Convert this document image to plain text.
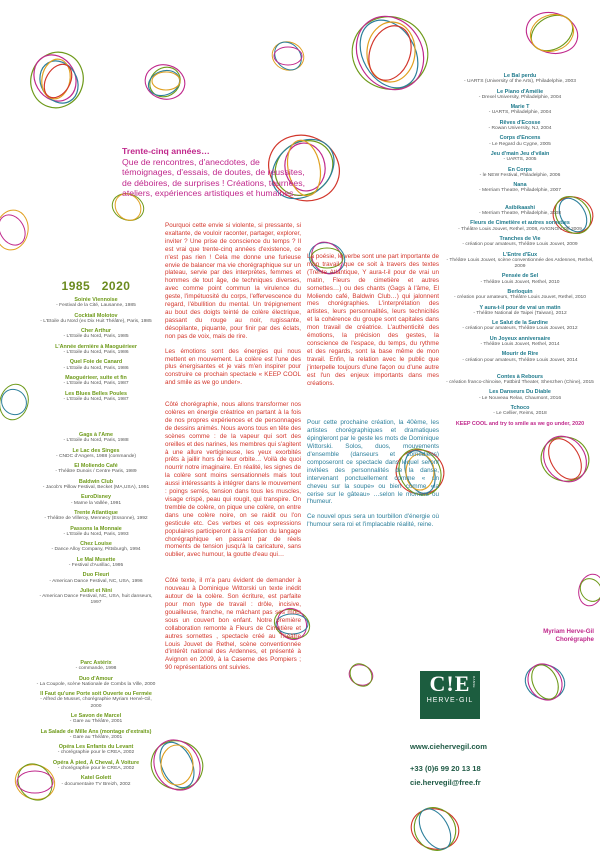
Trente-cinq années…
Que de rencontres, d'anecdotes, de témoignages, d'essais, de doutes, de réussites, de déboires, de surprises ! Créations, tournées, ateliers, expériences artistiques et humaines…
1985 2020
Soirée Viennoise
- Festival de la Cité, Lausanne, 1985
Cocktail Molotov
- L'Etoile du Nord (ex Dix Huit Théâtre), Paris, 1985
Cher Arthur
- L'Etoile du Nord, Paris, 1985
L'Année dernière à Maoguérieer
- L'Etoile du Nord, Paris, 1986
Quel Foie de Canard
- L'Etoile du Nord, Paris, 1986
Maoguérieer, suite et fin
- L'Etoile du Nord, Paris, 1987
Les Blues Belles Poules
- L'Etoile du Nord, Paris, 1987
Gags à l'Ame
- L'Etoile du Nord, Paris, 1988
Le Lac des Singes
- CNDC d'Angers, 1988 (commande)
El Moliendo Café
- Théâtre Dunois / Centre Paris, 1989
Baldwin Club
- Jacob's Pillow Festival, Becket (MA,USA), 1991
EuroDisney
- Marne la Vallée, 1991
Trente Atlantique
- Théâtre de Villeroy, Mennecy (Essonne), 1992
Passons la Monnaie
- L'Etoile du Nord, Paris, 1993
Chez Louise
- Dance Alloy Company, Pittsburgh, 1994
Le Mal Musette
- Festival d'Aurillac, 1995
Duo Fleuri
- American Dance Festival, NC, USA, 1996
Juliet et Nini
- American Dance Festival, NC, USA, huit danseurs, 1997
Parc Astérix
- commande, 1998
Duo d'Amour
- La Coupole, scène Nationale de Combs la Ville, 2000
Il Faut qu'une Porte soit Ouverte ou Fermée
- Alfred de Musset, chorégraphie Myriam Hervé-Gil, 2000
Le Savon de Marcel
- Gare au Théâtre, 2001
La Salade de Mille Ans (montage d'extraits)
- Gare au Théâtre, 2001
Opéra Les Enfants du Levant
- chorégraphie pour le CREA, 2002
Opéra À pied, À Cheval, À Voiture
- chorégraphie pour le CREA, 2002
Katel Golett
- documentaire TV Breizh, 2002
Le Bal perdu
- UARTS (University of the Arts), Philadelphie, 2003
Le Piano d'Amélie
- Drexel University, Philadelphie, 2004
Marie T
- UARTS, Philadelphie, 2004
Rêves d'Ecosse
- Rowan University, NJ, 2004
Corps d'Encens
- Le Regard du Cygne, 2005
Jeu d'main Jeu d'vilain
- UARTS, 2005
En Corps
- le NEW Festival, Philadelphie, 2006
Nana
- Merriam Theatre, Philadelphie, 2007
Asibikaashi
- Merriam Theatre, Philadelphie, 2008
Fleurs de Cimetière et autres sornettes
- Théâtre Louis Jouvet, Rethel, 2008, AVIGNON Off 2009
Tranches de Vie
- création pour amateurs, Théâtre Louis Jouvet, 2009
L'Entre d'Eux
- Théâtre Louis Jouvet, scène conventionnée des Ardennes, Rethel, 2009
Pensée de Sel
- Théâtre Louis Jouvet, Rethel, 2010
Berloquin
- création pour amateurs, Théâtre Louis Jouvet, Rethel, 2010
Y aura-t-il pour de vrai un matin
- Théâtre National de Taipei (Taiwan), 2012
Le Salut de la Sardine
- création pour amateurs, Théâtre Louis Jouvet, 2012
Un Joyeux anniversaire
- Théâtre Louis Jouvet, Rethel, 2014
Mourir de Rire
- création pour amateurs, Théâtre Louis Jouvet, 2014
Contes à Rebours
- création franco-chinoise, Fattbird Theater, Shenzhen (Chine), 2015
Les Danseurs Du Diable
- Le Nouveau Relax, Chaumont, 2016
Tchoco
- Le Cellier, Reims, 2018
KEEP COOL and try to smile as we go under, 2020

Pourquoi cette envie si violente, si pressante, si exaltante, de vouloir raconter, partager, explorer, inviter ? Une prise de conscience du temps ? Il est vrai que trente-cinq années d'existence, ce n'est pas rien ! Cela me donne une furieuse envie de balancer ma vie chorégraphique sur un plateau, servie par des interprètes, femmes et hommes de tout âge, de techniques diverses, avec comme point commun la virulence du geste, l'impétuosité du corps, l'effervescence du regard, l'ébullition du mental. Un trépignement au bout des doigts teinté de colère électrique, passant du rouge au noir, rugissante, désopilante, piquante, pour finir par des éclats, non pas de voix, mais de rire.

Les émotions sont des énergies qui nous mettent en mouvement. La colère est l'une des plus énergisantes et je vais m'en inspirer pour construire ce prochain spectacle « KEEP COOL and smile as we go under».

Côté chorégraphie, nous allons transformer nos colères en énergie créatrice en partant à la fois de nos propres expériences et de personnages de dessins animés. Nous avons tous en tête des scènes comme : de la vapeur qui sort des oreilles et des narines, les membres qui s'agitent à une allure vertigineuse, les yeux exorbités prêts à jaillir hors de leur orbite… Voilà de quoi nourrir notre imaginaire. En réalité, les signes de la colère sont moins sensationnels mais tout aussi intéressants à intégrer dans le mouvement : poings serrés, tension dans tous les muscles, visage crispé, peau qui rougit, qui transpire. On tremble de colère, on pique une colère, on entre dans une colère noire, on se raidit ou l'on gesticule etc. Ces verbes et ces expressions populaires participeront à la création du langage chorégraphique en passant par de réels moments de tension jusqu'à la caricature, sans oublier, avec humour, la goutte d'eau qui…

Côté texte, il m'a paru évident de demander à nouveau à Dominique Wittorski un texte inédit autour de la colère. Son écriture, est parfaite pour mon type de travail : drôle, incisive, gouailleuse, franche, ne mâchant pas ses mots sous un couvert bon enfant. Notre première collaboration remonte à Fleurs de Cimetière et autres sornettes , spectacle créé au Théâtre Louis Jouvet de Rethel, scène conventionnée d'intérêt national des Ardennes, et présenté à Avignon en 2009, à la Caserne des Pompiers ; 90 représentations ont suivies.

La poésie, le verbe sont une part importante de mon travail, que ce soit à travers des textes (Trente Atlantique, Y aura-t-il pour de vrai un matin, Fleurs de cimetière et autres sornettes…) ou des chants (Gags à l'âme, El Moliendo café, Baldwin Club…) qui jalonnent mes chorégraphies. L'interprétation des artistes, leurs personnalités, leurs technicités et la cohérence du groupe sont capitales dans mon travail de créatrice. L'authenticité des émotions, la précision des gestes, la conscience de l'espace, du temps, du rythme et des regards, sont la base même de mon travail. Enfin, la relation avec le public que j'interpelle toujours d'une façon ou d'une autre est l'un des enjeux importants dans mes créations.

Pour cette prochaine création, la 40ème, les artistes chorégraphiques et dramatiques épingleront par le geste les mots de Dominique Wittorski. Solos, duos, mouvements d'ensemble (danseurs et comédiens) composeront ce spectacle dans lequel seront invitées des personnalités de la danse, intervenant ponctuellement comme « un cheveu sur la soupe» ou bien comme «la cerise sur le gâteau» …selon le moment ou l'humeur.

Ce nouvel opus sera un tourbillon d'énergie où l'humour sera roi et l'implacable réalité, reine.

Myriam Herve-Gil
Chorégraphe
C!E
HERVE-GIL
DANSE
www.ciehervegil.com
+33 (0)6 99 20 13 18
cie.hervegil@free.fr
